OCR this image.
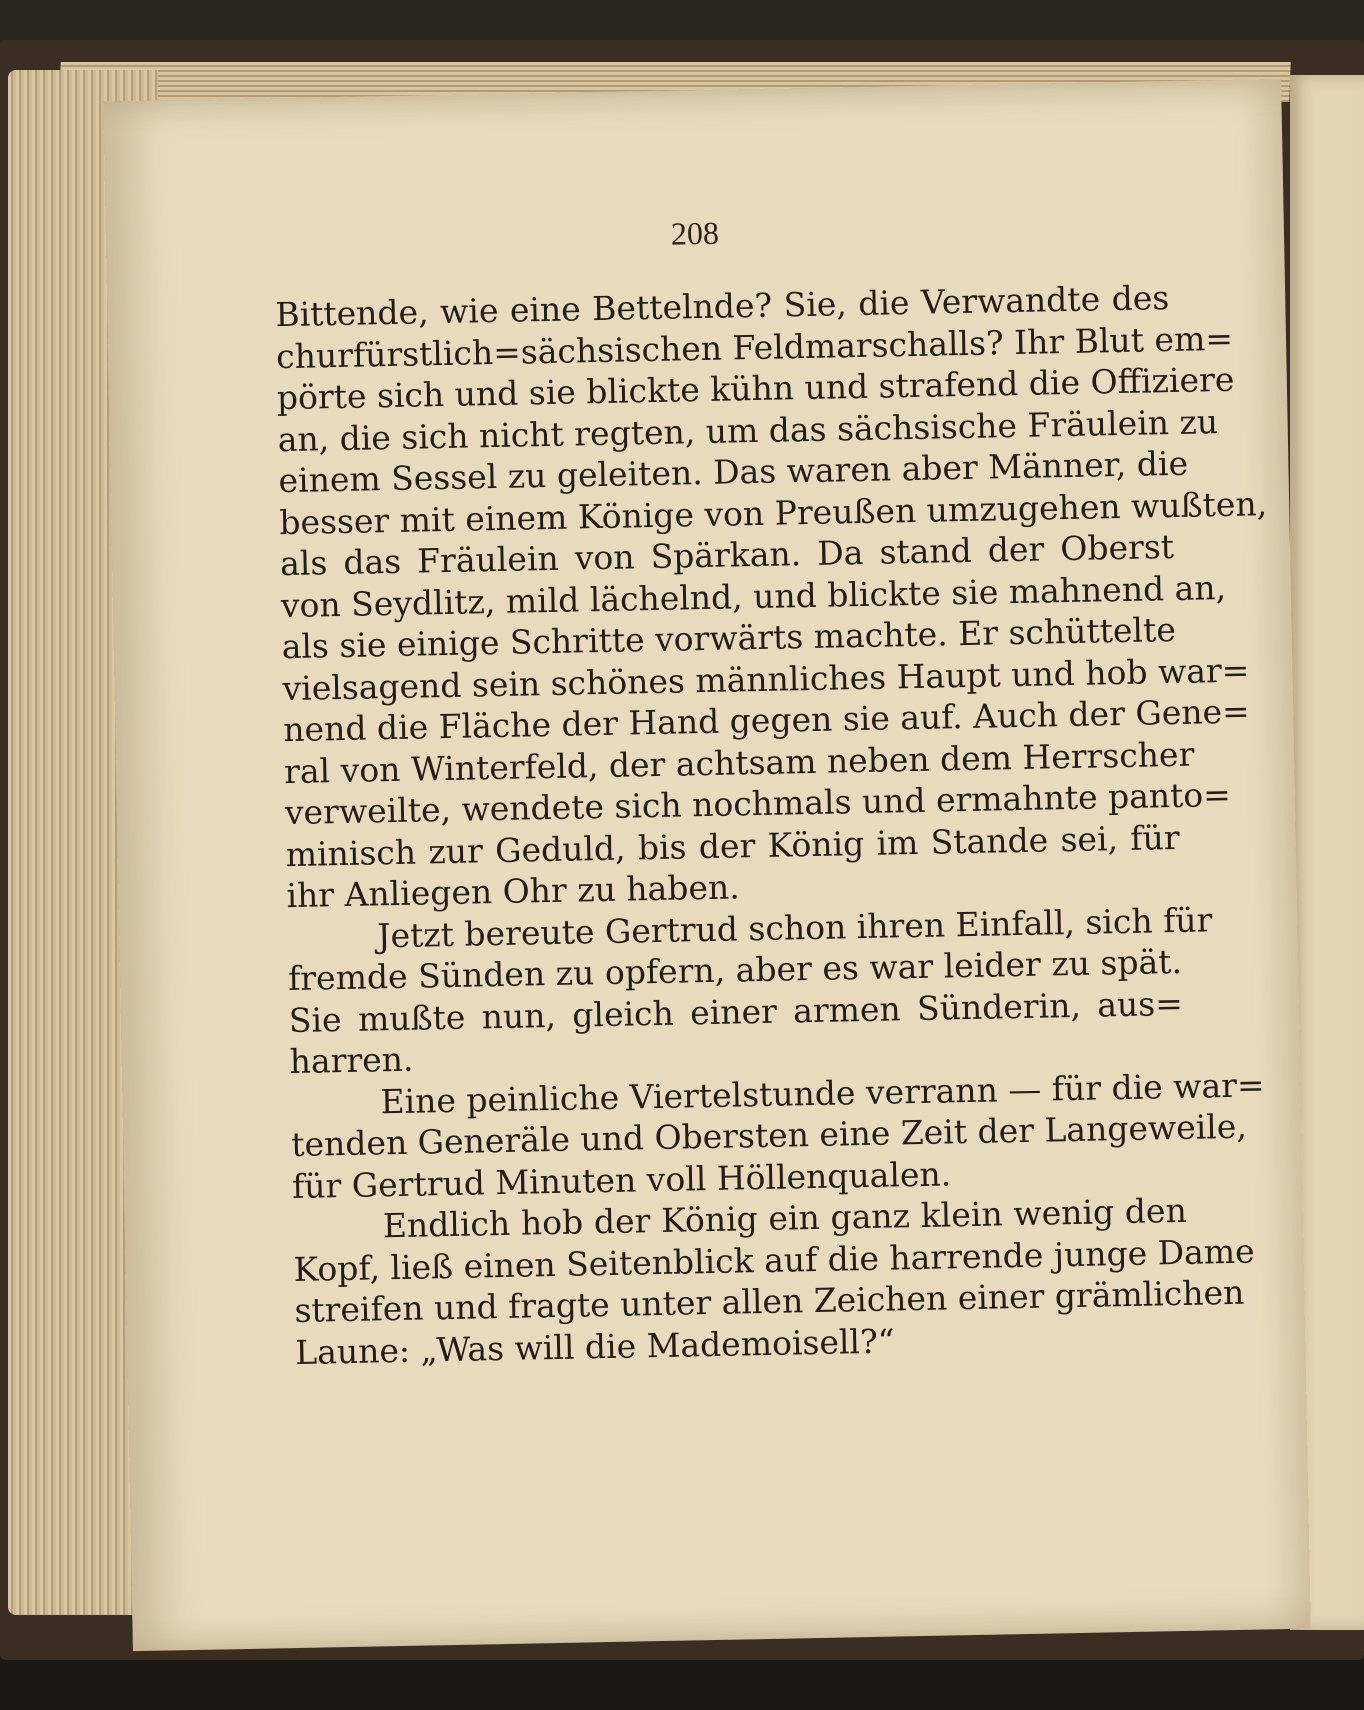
208
Bittende, wie eine Bettelnde? Sie, die Verwandte des
churfürstlich=sächsischen Feldmarschalls? Ihr Blut em=
pörte sich und sie blickte kühn und strafend die Offiziere
an, die sich nicht regten, um das sächsische Fräulein zu
einem Sessel zu geleiten. Das waren aber Männer, die
besser mit einem Könige von Preußen umzugehen wußten,
als das Fräulein von Spärkan. Da stand der Oberst
von Seydlitz, mild lächelnd, und blickte sie mahnend an,
als sie einige Schritte vorwärts machte. Er schüttelte
vielsagend sein schönes männliches Haupt und hob war=
nend die Fläche der Hand gegen sie auf. Auch der Gene=
ral von Winterfeld, der achtsam neben dem Herrscher
verweilte, wendete sich nochmals und ermahnte panto=
minisch zur Geduld, bis der König im Stande sei, für
ihr Anliegen Ohr zu haben.
Jetzt bereute Gertrud schon ihren Einfall, sich für
fremde Sünden zu opfern, aber es war leider zu spät.
Sie mußte nun, gleich einer armen Sünderin, aus=
harren.
Eine peinliche Viertelstunde verrann — für die war=
tenden Generäle und Obersten eine Zeit der Langeweile,
für Gertrud Minuten voll Höllenqualen.
Endlich hob der König ein ganz klein wenig den
Kopf, ließ einen Seitenblick auf die harrende junge Dame
streifen und fragte unter allen Zeichen einer grämlichen
Laune: „Was will die Mademoisell?“
